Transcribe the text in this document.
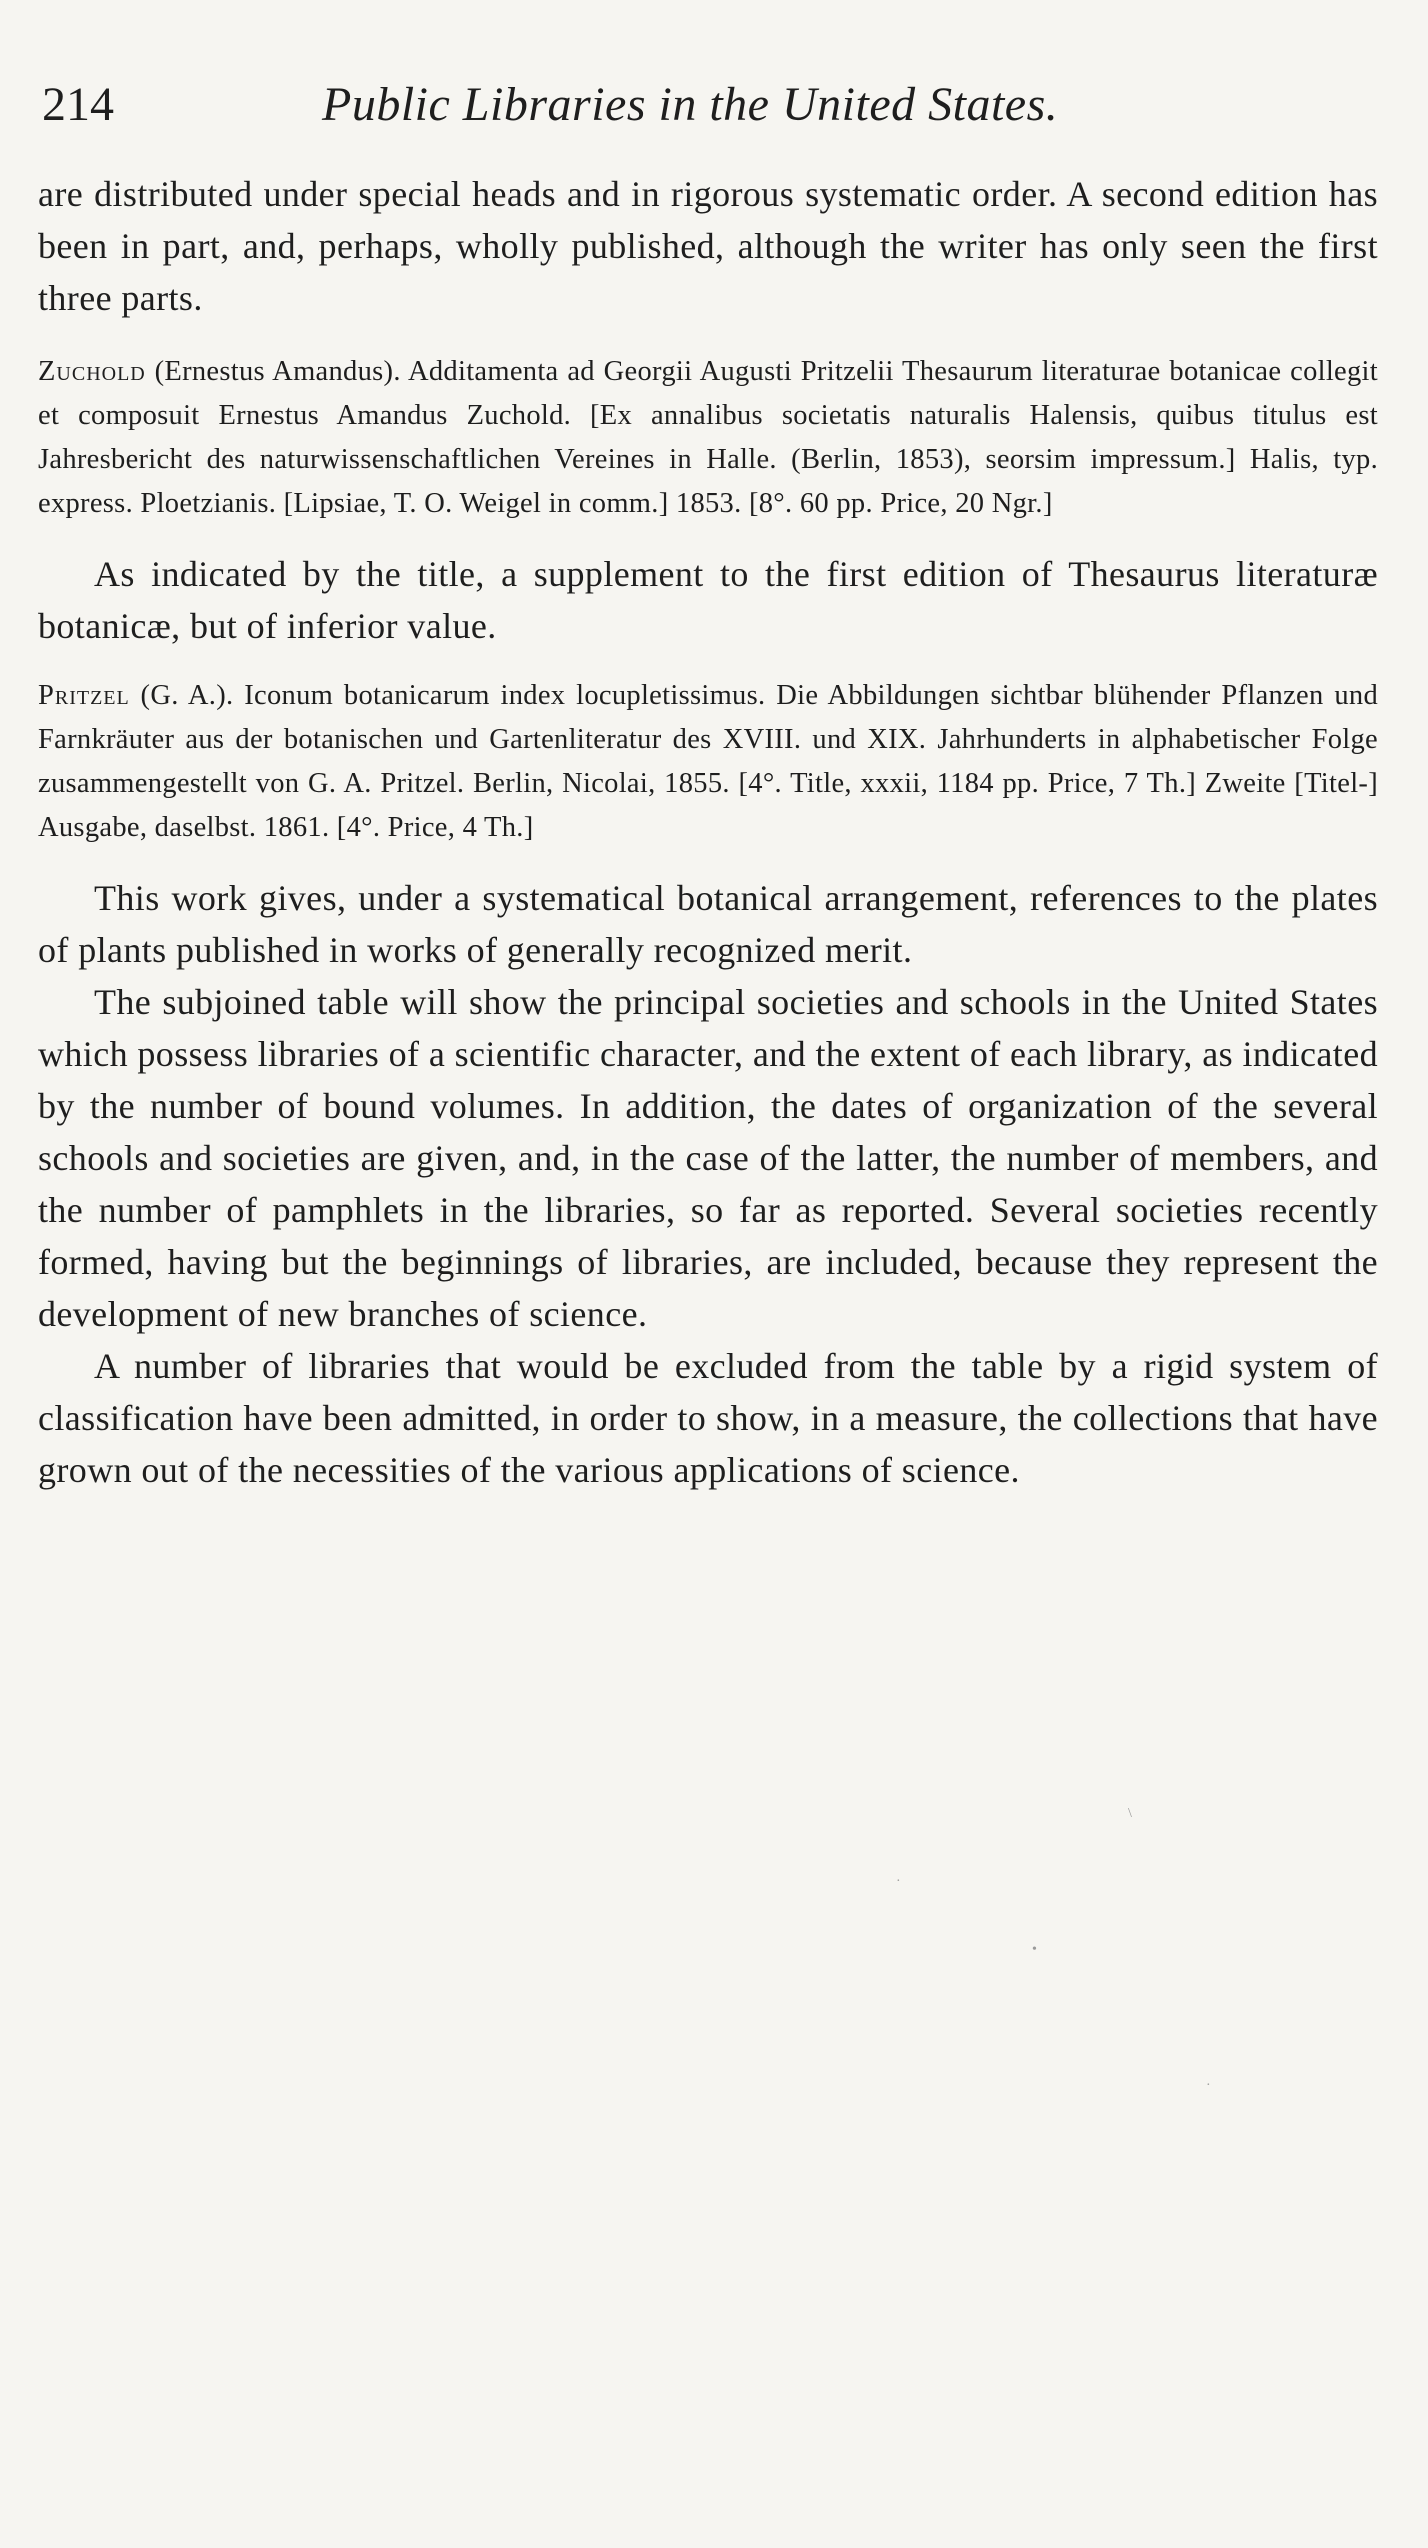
214	Public Libraries in the United States.

are distributed under special heads and in rigorous systematic order. A second edition has been in part, and, perhaps, wholly published, although the writer has only seen the first three parts.

Zuchold (Ernestus Amandus). Additamenta ad Georgii Augusti Pritzelii Thesaurum literaturae botanicae collegit et composuit Ernestus Amandus Zuchold. [Ex annalibus societatis naturalis Halensis, quibus titulus est Jahresbericht des naturwissenschaftlichen Vereines in Halle. (Berlin, 1853), seorsim impressum.] Halis, typ. express. Ploetzianis. [Lipsiae, T. O. Weigel in comm.] 1853. [8°. 60 pp. Price, 20 Ngr.]

As indicated by the title, a supplement to the first edition of Thesaurus literaturæ botanicæ, but of inferior value.

Pritzel (G. A.). Iconum botanicarum index locupletissimus. Die Abbildungen sichtbar blühender Pflanzen und Farnkräuter aus der botanischen und Gartenliteratur des XVIII. und XIX. Jahrhunderts in alphabetischer Folge zusammengestellt von G. A. Pritzel. Berlin, Nicolai, 1855. [4°. Title, xxxii, 1184 pp. Price, 7 Th.] Zweite [Titel-] Ausgabe, daselbst. 1861. [4°. Price, 4 Th.]

This work gives, under a systematical botanical arrangement, references to the plates of plants published in works of generally recognized merit.

The subjoined table will show the principal societies and schools in the United States which possess libraries of a scientific character, and the extent of each library, as indicated by the number of bound volumes. In addition, the dates of organization of the several schools and societies are given, and, in the case of the latter, the number of members, and the number of pamphlets in the libraries, so far as reported. Several societies recently formed, having but the beginnings of libraries, are included, because they represent the development of new branches of science.

A number of libraries that would be excluded from the table by a rigid system of classification have been admitted, in order to show, in a measure, the collections that have grown out of the necessities of the various applications of science.

\
·
•
·
